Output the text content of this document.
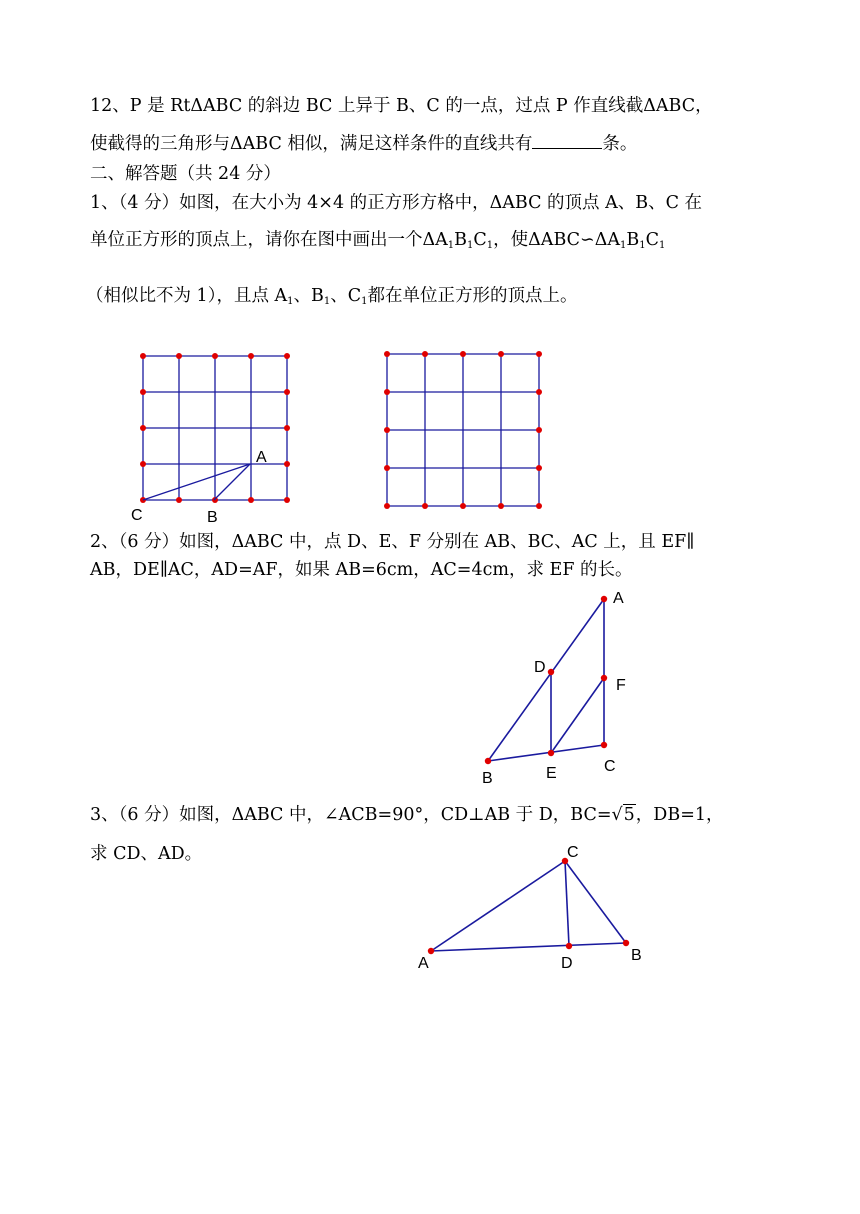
12、P 是 RtΔABC 的斜边 BC 上异于 B、C 的一点，过点 P 作直线截ΔABC，
使截得的三角形与ΔABC 相似，满足这样条件的直线共有	条。
二、解答题（共 24 分）
1、（4 分）如图，在大小为 4×4 的正方形方格中，ΔABC 的顶点 A、B、C 在
单位正方形的顶点上，请你在图中画出一个$\Delta A_1B_1C_1$，使$\Delta ABC∽\Delta A_1B_1C_1$
（相似比不为 1），且点 $A_1$、$B_1$、$C_1$都在单位正方形的顶点上。
A
C	B
2、（6 分）如图，ΔABC 中，点 D、E、F 分别在 AB、BC、AC 上，且 EF∥
AB，DE∥AC，AD=AF，如果 AB=6cm，AC=4cm，求 EF 的长。
A
D
F
B	E	C
3、（6 分）如图，ΔABC 中，∠ACB=90°，CD⊥AB 于 D，BC=√5，DB=1，
求 CD、AD。	C
A	D	B
